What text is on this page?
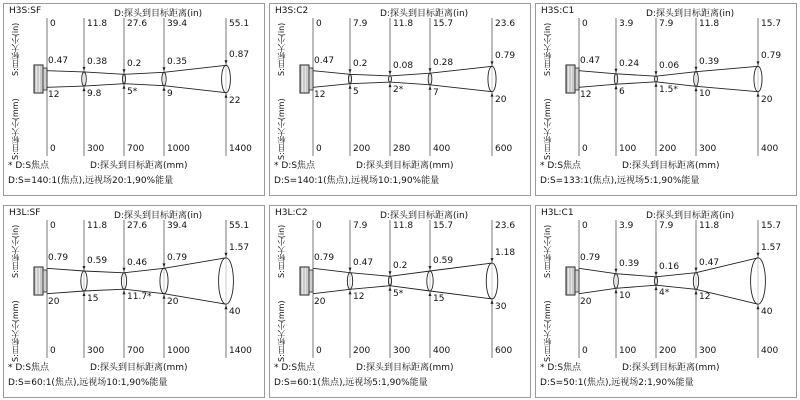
H3S:SF	D:探头到目标距离(in)
S:目标大小(in)
S:目标大小(mm)
* D:S焦点	D:探头到目标距离(mm)
D:S=140:1(焦点),远视场20:1,90%能量
0	11.8 27.6 39.4	55.1
0	300	700	1000	1400
0.47 0.38 0.2	0.35
0.87
12	9.8	5*	9
22
H3S:C2	D:探头到目标距离(in)
S:目标大小(in)
S:目标大小(mm)
* D:S焦点	D:探头到目标距离(mm)
D:S=140:1(焦点),远视场10:1,90%能量
0	7.9	11.8 15.7	23.6
0	200	280	400	600
0.47 0.2	0.08 0.28
0.79
12	5	2*	7
20
H3S:C1	D:探头到目标距离(in)
S:目标大小(in)
S:目标大小(mm)
* D:S焦点	D:探头到目标距离(mm)
D:S=133:1(焦点),远视场5:1,90%能量
0	3.9	7.9	11.8	15.7
0	100	200	300	400
0.47 0.24 0.06 0.39
0.79
12	6	1.5* 10
20
H3L:SF	D:探头到目标距离(in)
S:目标大小(in)
S:目标大小(mm)
* D:S焦点	D:探头到目标距离(mm)
D:S=60:1(焦点),远视场10:1,90%能量
0	11.8 27.6 39.4	55.1
0	300	700	1000	1400
0.79 0.59 0.46 0.79
1.57
20	15	11.7* 20
40
H3L:C2	D:探头到目标距离(in)
S:目标大小(in)
S:目标大小(mm)
* D:S焦点	D:探头到目标距离(mm)
D:S=60:1(焦点),远视场5:1,90%能量
0	7.9	11.8 15.7	23.6
0	200	300	400	600
0.79 0.47 0.2
0.59
1.18
20	12	5*
15
30
H3L:C1	D:探头到目标距离(in)
S:目标大小(in)
S:目标大小(mm)
* D:S焦点	D:探头到目标距离(mm)
D:S=50:1(焦点),远视场2:1,90%能量
0	3.9	7.9	11.8	15.7
0	100	200	300	400
0.79
0.39 0.16 0.47
1.57
20
10	4*	12
40
